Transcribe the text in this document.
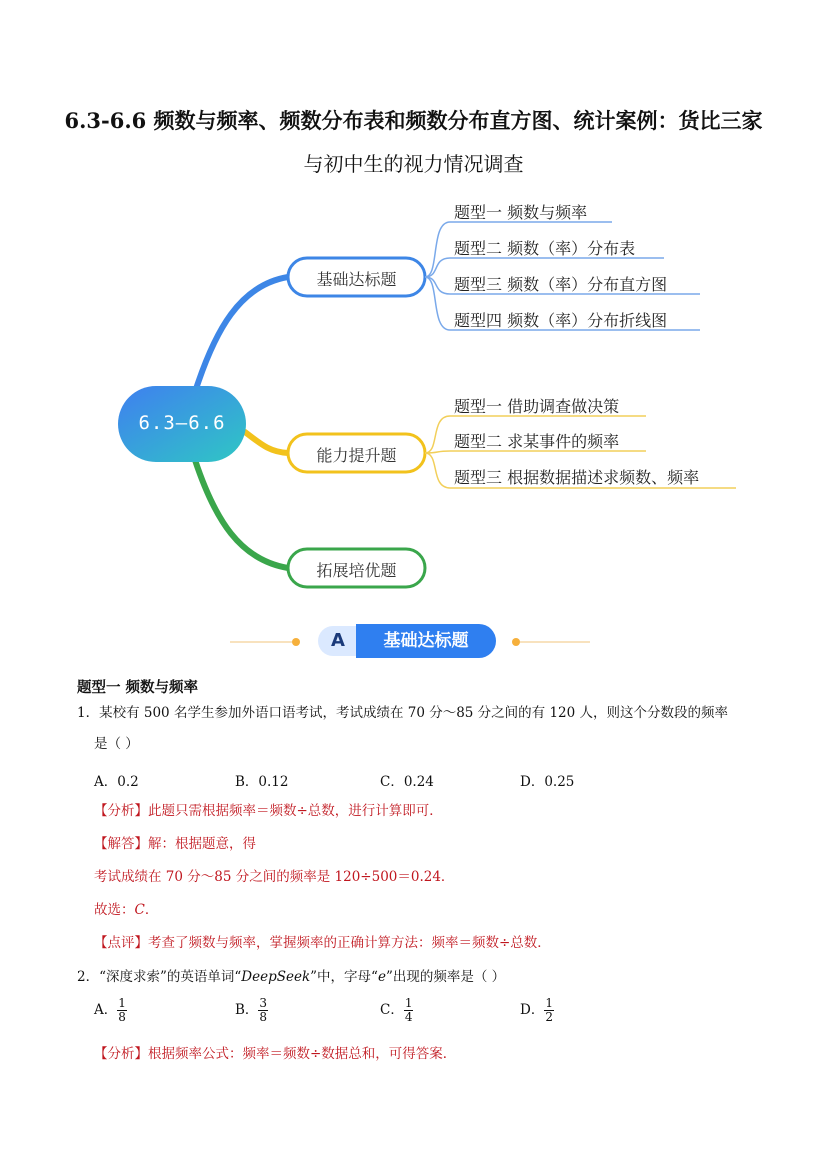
6.3-6.6 频数与频率、频数分布表和频数分布直方图、统计案例：货比三家
与初中生的视力情况调查
6.3—6.6
基础达标题
能力提升题
拓展培优题
题型一 频数与频率
题型二 频数（率）分布表
题型三 频数（率）分布直方图
题型四 频数（率）分布折线图
题型一 借助调查做决策
题型二 求某事件的频率
题型三 根据数据描述求频数、频率
A	基础达标题
题型一 频数与频率
1．某校有 500 名学生参加外语口语考试，考试成绩在 70 分～85 分之间的有 120 人，则这个分数段的频率
是（ ）
A．0.2	B．0.12	C．0.24	D．0.25
【分析】此题只需根据频率＝频数÷总数，进行计算即可．
【解答】解：根据题意，得
考试成绩在 70 分～85 分之间的频率是 120÷500＝0.24．
故选：C．
【点评】考查了频数与频率，掌握频率的正确计算方法：频率＝频数÷总数．
2．“深度求索”的英语单词“DeepSeek”中，字母“e”出现的频率是（ ）
A． $\frac{1}{8}$	B． $\frac{3}{8}$	C． $\frac{1}{4}$	D． $\frac{1}{2}$
【分析】根据频率公式：频率＝频数÷数据总和，可得答案．
